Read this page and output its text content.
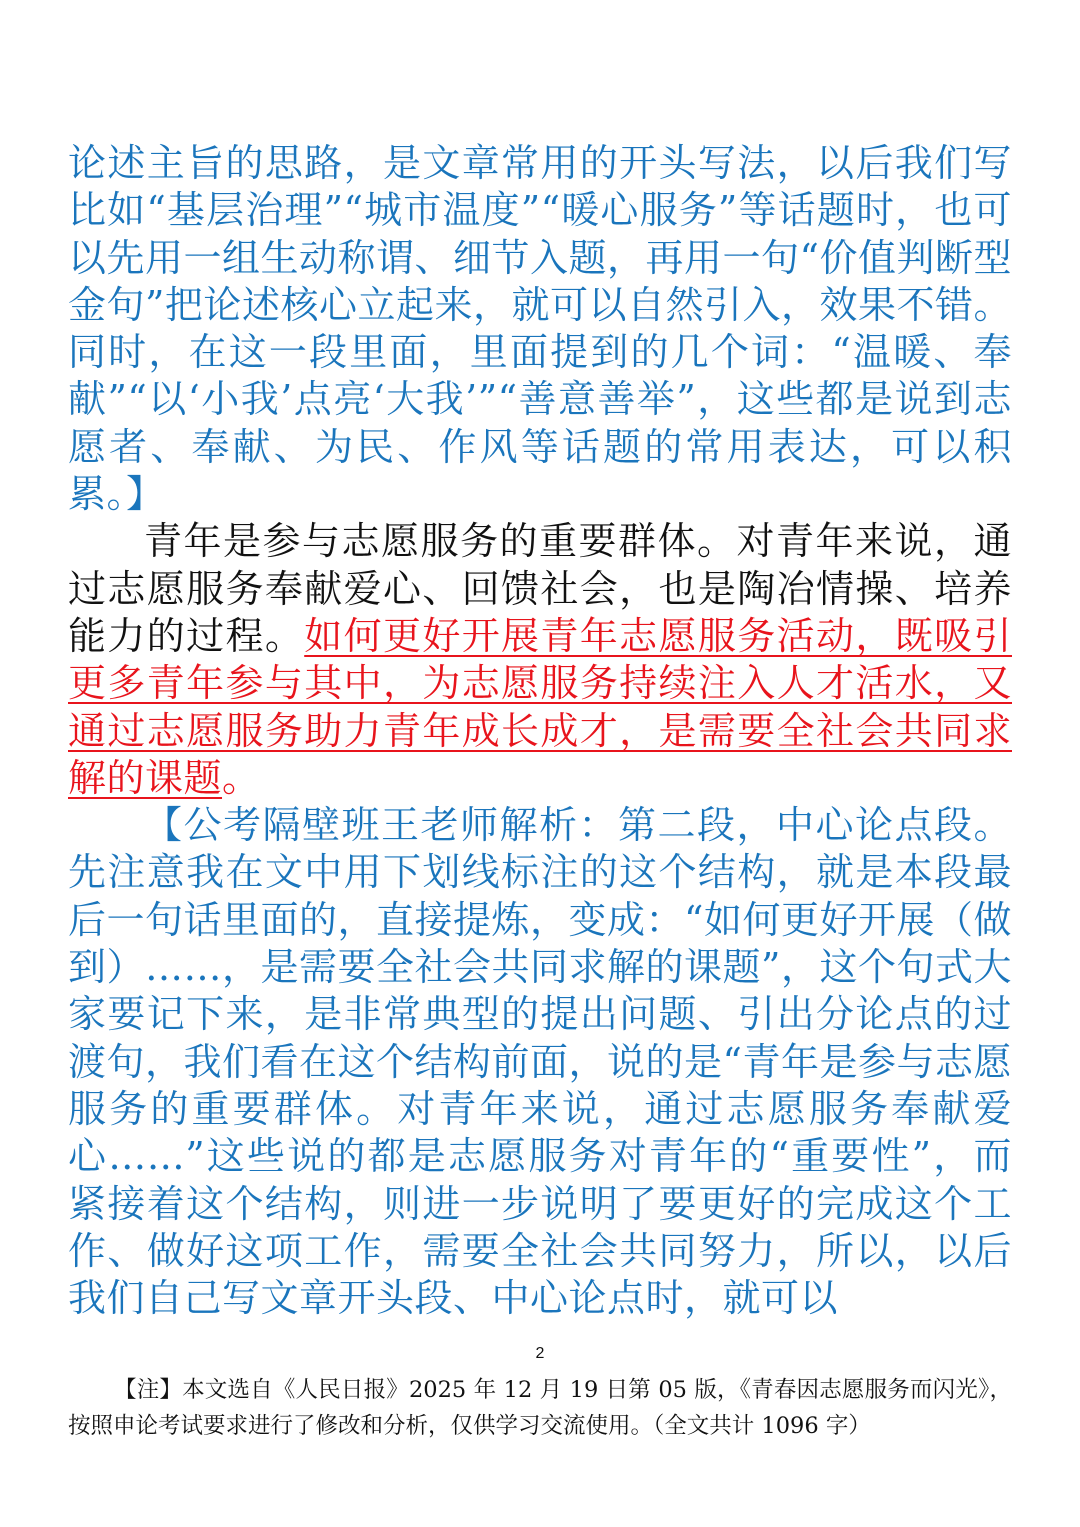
论述主旨的思路，是文章常用的开头写法，以后我们写比如“基层治理”“城市温度”“暖心服务”等话题时，也可以先用一组生动称谓、细节入题，再用一句“价值判断型金句”把论述核心立起来，就可以自然引入，效果不错。同时，在这一段里面，里面提到的几个词：“温暖、奉献”“以‘小我’点亮‘大我’”“善意善举”，这些都是说到志愿者、奉献、为民、作风等话题的常用表达，可以积累。】

青年是参与志愿服务的重要群体。对青年来说，通过志愿服务奉献爱心、回馈社会，也是陶冶情操、培养能力的过程。如何更好开展青年志愿服务活动，既吸引更多青年参与其中，为志愿服务持续注入人才活水，又通过志愿服务助力青年成长成才，是需要全社会共同求解的课题。

【公考隔壁班王老师解析：第二段，中心论点段。先注意我在文中用下划线标注的这个结构，就是本段最后一句话里面的，直接提炼，变成：“如何更好开展（做到）……，是需要全社会共同求解的课题”，这个句式大家要记下来，是非常典型的提出问题、引出分论点的过渡句，我们看在这个结构前面，说的是“青年是参与志愿服务的重要群体。对青年来说，通过志愿服务奉献爱心……”这些说的都是志愿服务对青年的“重要性”，而紧接着这个结构，则进一步说明了要更好的完成这个工作、做好这项工作，需要全社会共同努力，所以，以后我们自己写文章开头段、中心论点时，就可以

2

【注】本文选自《人民日报》2025 年 12 月 19 日第 05 版，《青春因志愿服务而闪光》，按照申论考试要求进行了修改和分析，仅供学习交流使用。（全文共计 1096 字）
